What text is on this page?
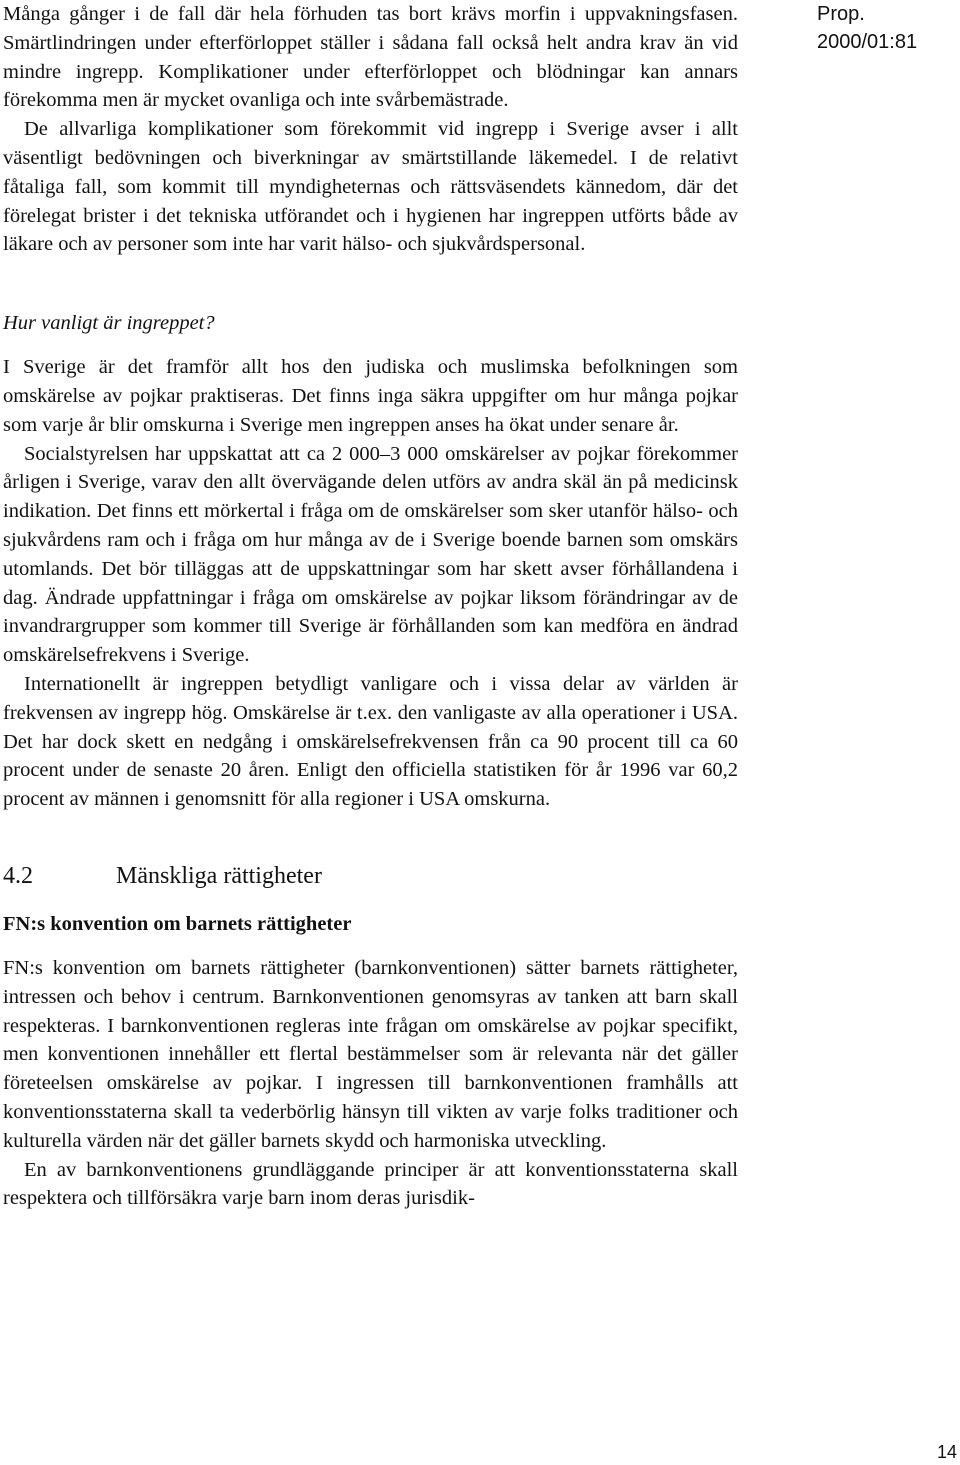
Prop. 2000/01:81

Många gånger i de fall där hela förhuden tas bort krävs morfin i uppvakningsfasen. Smärtlindringen under efterförloppet ställer i sådana fall också helt andra krav än vid mindre ingrepp. Komplikationer under efterförloppet och blödningar kan annars förekomma men är mycket ovanliga och inte svårbemästrade.

De allvarliga komplikationer som förekommit vid ingrepp i Sverige avser i allt väsentligt bedövningen och biverkningar av smärtstillande läkemedel. I de relativt fåtaliga fall, som kommit till myndigheternas och rättsväsendets kännedom, där det förelegat brister i det tekniska utförandet och i hygienen har ingreppen utförts både av läkare och av personer som inte har varit hälso- och sjukvårdspersonal.

Hur vanligt är ingreppet?

I Sverige är det framför allt hos den judiska och muslimska befolkningen som omskärelse av pojkar praktiseras. Det finns inga säkra uppgifter om hur många pojkar som varje år blir omskurna i Sverige men ingreppen anses ha ökat under senare år.

Socialstyrelsen har uppskattat att ca 2 000–3 000 omskärelser av pojkar förekommer årligen i Sverige, varav den allt övervägande delen utförs av andra skäl än på medicinsk indikation. Det finns ett mörkertal i fråga om de omskärelser som sker utanför hälso- och sjukvårdens ram och i fråga om hur många av de i Sverige boende barnen som omskärs utomlands. Det bör tilläggas att de uppskattningar som har skett avser förhållandena i dag. Ändrade uppfattningar i fråga om omskärelse av pojkar liksom förändringar av de invandrargrupper som kommer till Sverige är förhållanden som kan medföra en ändrad omskärelsefrekvens i Sverige.

Internationellt är ingreppen betydligt vanligare och i vissa delar av världen är frekvensen av ingrepp hög. Omskärelse är t.ex. den vanligaste av alla operationer i USA. Det har dock skett en nedgång i omskärelsefrekvensen från ca 90 procent till ca 60 procent under de senaste 20 åren. Enligt den officiella statistiken för år 1996 var 60,2 procent av männen i genomsnitt för alla regioner i USA omskurna.

4.2	Mänskliga rättigheter
FN:s konvention om barnets rättigheter

FN:s konvention om barnets rättigheter (barnkonventionen) sätter barnets rättigheter, intressen och behov i centrum. Barnkonventionen genomsyras av tanken att barn skall respekteras. I barnkonventionen regleras inte frågan om omskärelse av pojkar specifikt, men konventionen innehåller ett flertal bestämmelser som är relevanta när det gäller företeelsen omskärelse av pojkar. I ingressen till barnkonventionen framhålls att konventionsstaterna skall ta vederbörlig hänsyn till vikten av varje folks traditioner och kulturella värden när det gäller barnets skydd och harmoniska utveckling.

En av barnkonventionens grundläggande principer är att konventionsstaterna skall respektera och tillförsäkra varje barn inom deras jurisdik-

14
